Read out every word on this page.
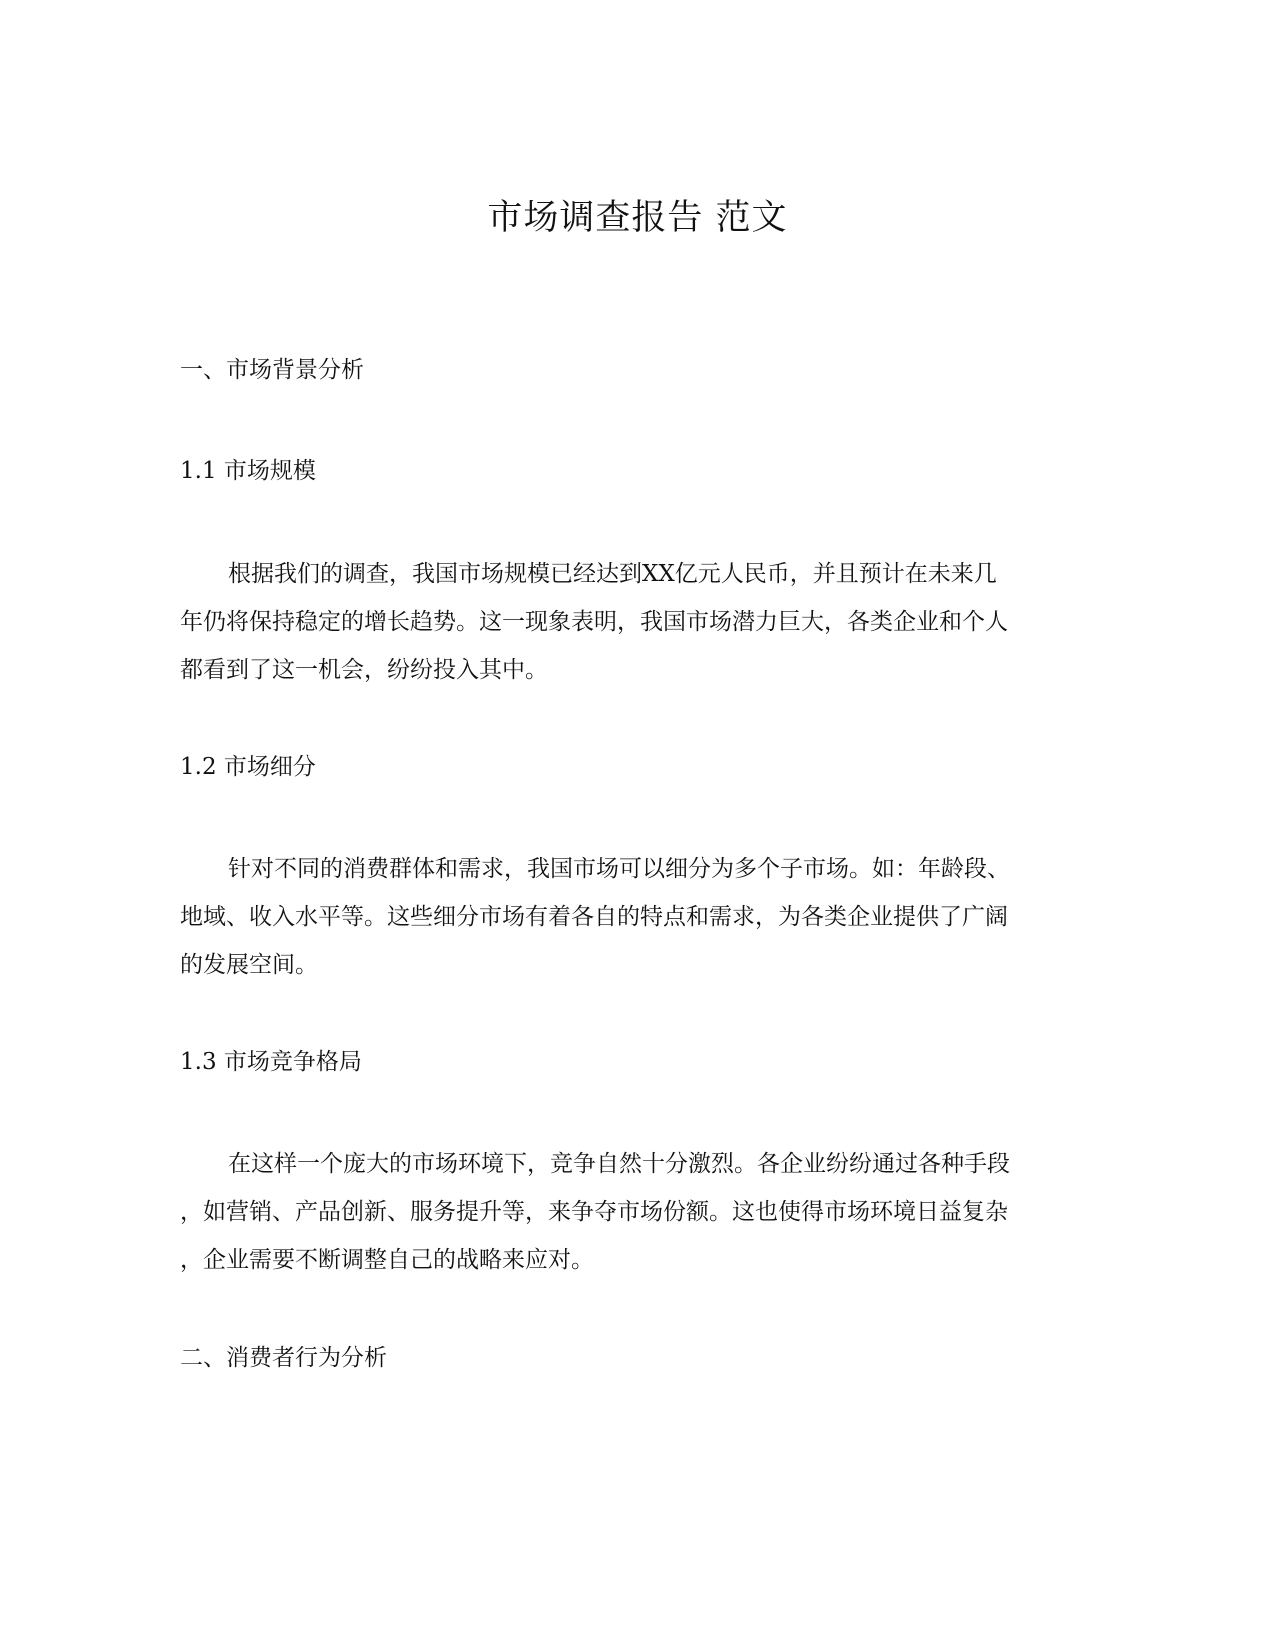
市场调查报告 范文
一、市场背景分析
1.1 市场规模

根据我们的调查，我国市场规模已经达到XX亿元人民币，并且预计在未来几
年仍将保持稳定的增长趋势。这一现象表明，我国市场潜力巨大，各类企业和个人
都看到了这一机会，纷纷投入其中。

1.2 市场细分

针对不同的消费群体和需求，我国市场可以细分为多个子市场。如：年龄段、
地域、收入水平等。这些细分市场有着各自的特点和需求，为各类企业提供了广阔
的发展空间。

1.3 市场竞争格局

在这样一个庞大的市场环境下，竞争自然十分激烈。各企业纷纷通过各种手段
，如营销、产品创新、服务提升等，来争夺市场份额。这也使得市场环境日益复杂
，企业需要不断调整自己的战略来应对。

二、消费者行为分析
